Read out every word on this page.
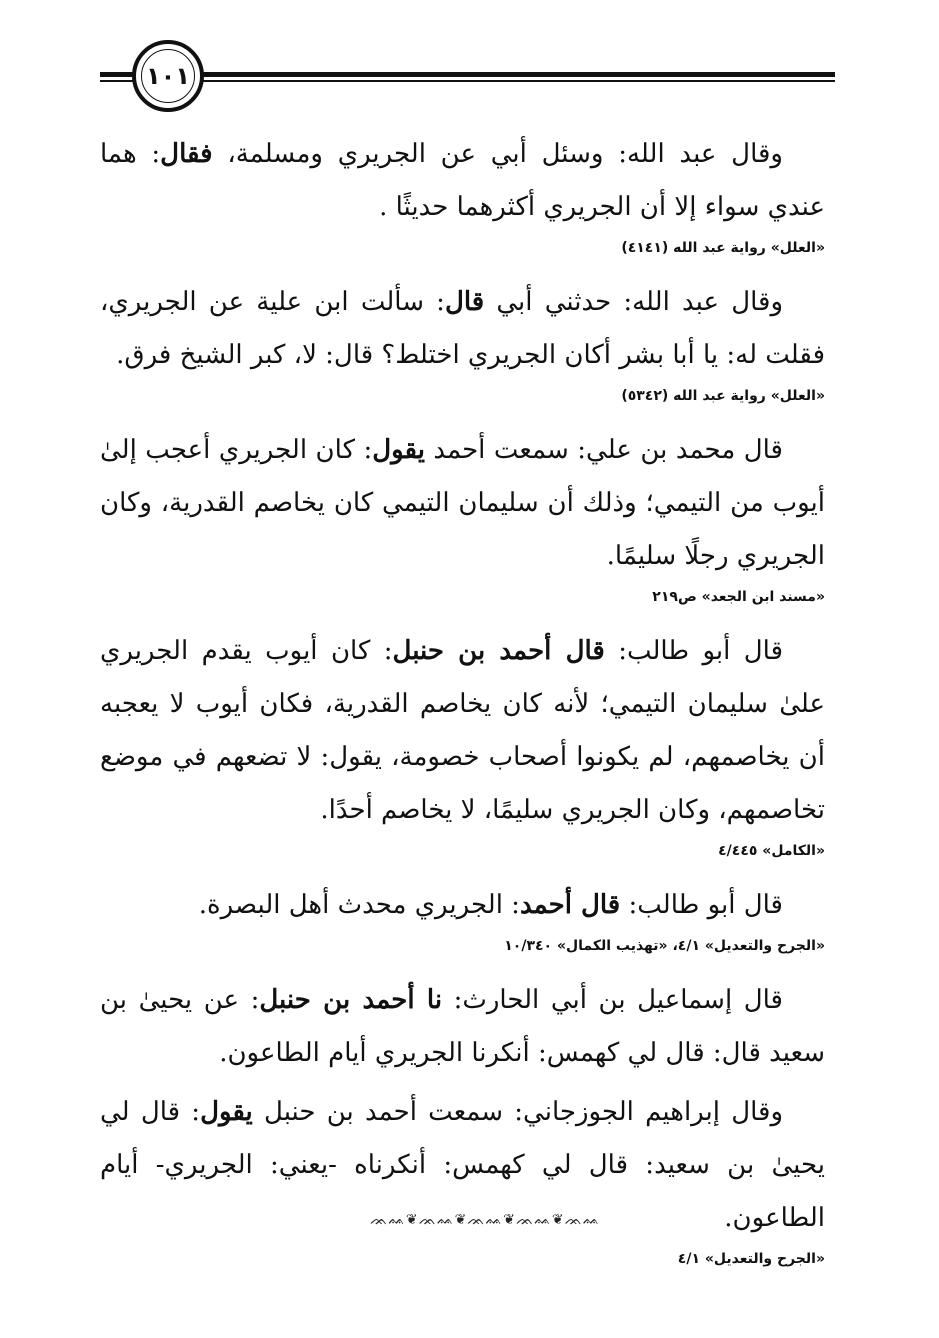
١٠١

وقال عبد الله: وسئل أبي عن الجريري ومسلمة، فقال: هما عندي سواء إلا أن الجريري أكثرهما حديثًا .

«العلل» رواية عبد الله (٤١٤١)

وقال عبد الله: حدثني أبي قال: سألت ابن علية عن الجريري، فقلت له: يا أبا بشر أكان الجريري اختلط؟ قال: لا، كبر الشيخ فرق.

«العلل» رواية عبد الله (٥٣٤٢)

قال محمد بن علي: سمعت أحمد يقول: كان الجريري أعجب إلىٰ أيوب من التيمي؛ وذلك أن سليمان التيمي كان يخاصم القدرية، وكان الجريري رجلًا سليمًا.

«مسند ابن الجعد» ص٢١٩

قال أبو طالب: قال أحمد بن حنبل: كان أيوب يقدم الجريري علىٰ سليمان التيمي؛ لأنه كان يخاصم القدرية، فكان أيوب لا يعجبه أن يخاصمهم، لم يكونوا أصحاب خصومة، يقول: لا تضعهم في موضع تخاصمهم، وكان الجريري سليمًا، لا يخاصم أحدًا.

«الكامل» ٤/٤٤٥

قال أبو طالب: قال أحمد: الجريري محدث أهل البصرة.

«الجرح والتعديل» ٤/١، «تهذيب الكمال» ١٠/٣٤٠

قال إسماعيل بن أبي الحارث: نا أحمد بن حنبل: عن يحيىٰ بن سعيد قال: قال لي كهمس: أنكرنا الجريري أيام الطاعون.

وقال إبراهيم الجوزجاني: سمعت أحمد بن حنبل يقول: قال لي يحيىٰ بن سعيد: قال لي كهمس: أنكرناه -يعني: الجريري- أيام الطاعون.

«الجرح والتعديل» ٤/١
ᨏᨐ❦ᨏᨐ❦ᨏᨐ❦ᨏᨐ❦ᨏᨐ
